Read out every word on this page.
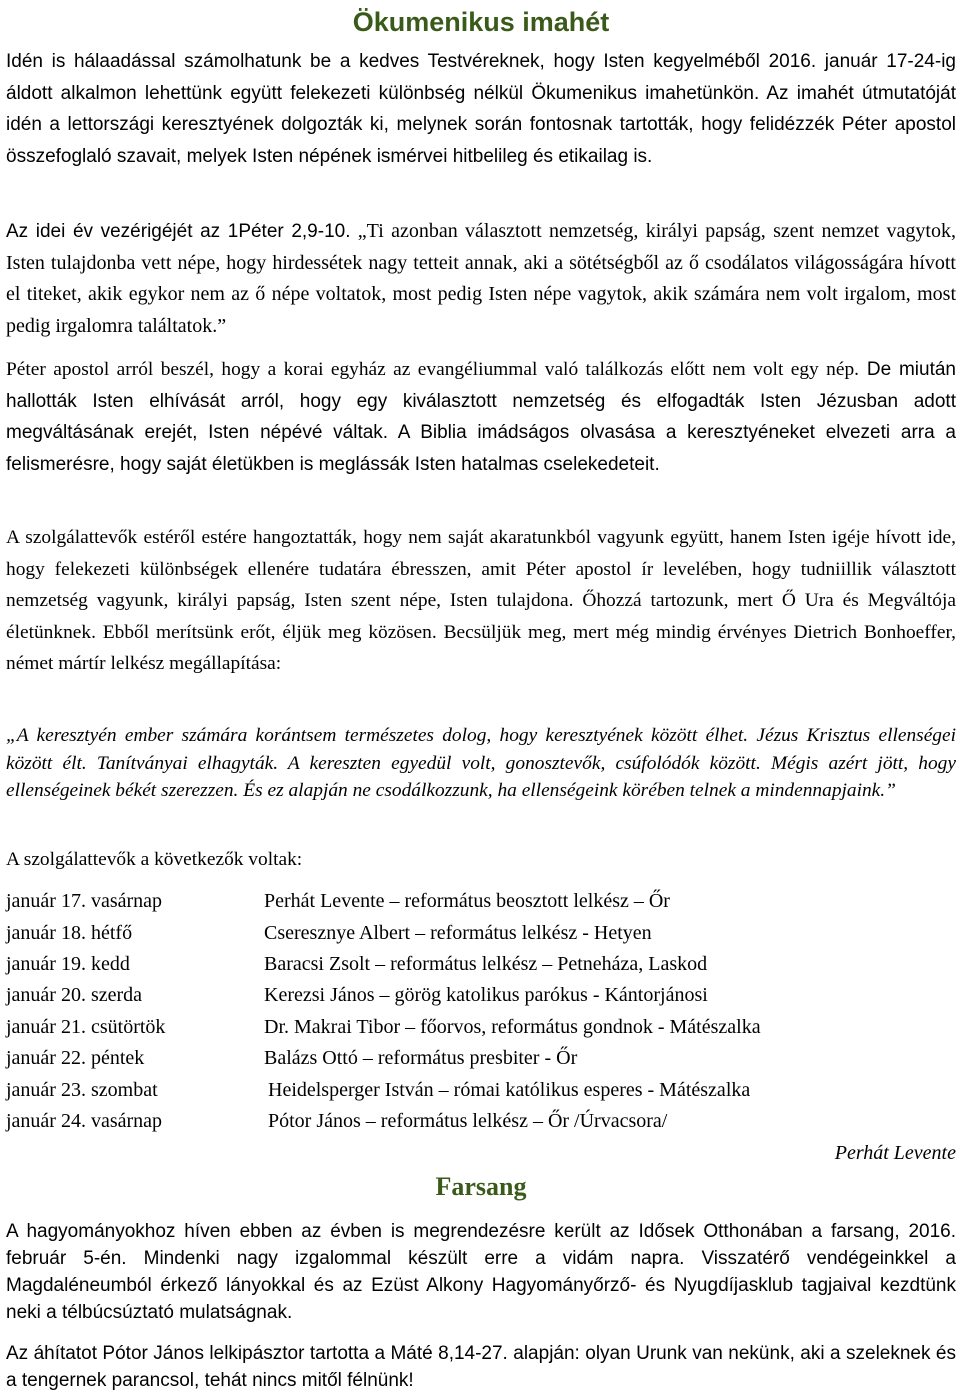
Ökumenikus imahét

Idén is hálaadással számolhatunk be a kedves Testvéreknek, hogy Isten kegyelméből 2016. január 17-24-ig áldott alkalmon lehettünk együtt felekezeti különbség nélkül Ökumenikus imahetünkön. Az imahét útmutatóját idén a lettországi keresztyének dolgozták ki, melynek során fontosnak tartották, hogy felidézzék Péter apostol összefoglaló szavait, melyek Isten népének ismérvei hitbelileg és etikailag is.

Az idei év vezérigéjét az 1Péter 2,9-10. „Ti azonban választott nemzetség, királyi papság, szent nemzet vagytok, Isten tulajdonba vett népe, hogy hirdessétek nagy tetteit annak, aki a sötétségből az ő csodálatos világosságára hívott el titeket, akik egykor nem az ő népe voltatok, most pedig Isten népe vagytok, akik számára nem volt irgalom, most pedig irgalomra találtatok.”

Péter apostol arról beszél, hogy a korai egyház az evangéliummal való találkozás előtt nem volt egy nép. De miután hallották Isten elhívását arról, hogy egy kiválasztott nemzetség és elfogadták Isten Jézusban adott megváltásának erejét, Isten népévé váltak. A Biblia imádságos olvasása a keresztyéneket elvezeti arra a felismerésre, hogy saját életükben is meglássák Isten hatalmas cselekedeteit.

A szolgálattevők estéről estére hangoztatták, hogy nem saját akaratunkból vagyunk együtt, hanem Isten igéje hívott ide, hogy felekezeti különbségek ellenére tudatára ébresszen, amit Péter apostol ír levelében, hogy tudniillik választott nemzetség vagyunk, királyi papság, Isten szent népe, Isten tulajdona. Őhozzá tartozunk, mert Ő Ura és Megváltója életünknek. Ebből merítsünk erőt, éljük meg közösen. Becsüljük meg, mert még mindig érvényes Dietrich Bonhoeffer, német mártír lelkész megállapítása:

„A keresztyén ember számára korántsem természetes dolog, hogy keresztyének között élhet. Jézus Krisztus ellenségei között élt. Tanítványai elhagyták. A kereszten egyedül volt, gonosztevők, csúfolódók között. Mégis azért jött, hogy ellenségeinek békét szerezzen. És ez alapján ne csodálkozzunk, ha ellenségeink körében telnek a mindennapjaink.”

A szolgálattevők a következők voltak:

január 17. vasárnap	Perhát Levente – református beosztott lelkész – Őr
január 18. hétfő	Cseresznye Albert – református lelkész - Hetyen
január 19. kedd	Baracsi Zsolt – református lelkész – Petneháza, Laskod
január 20. szerda	Kerezsi János – görög katolikus parókus - Kántorjánosi
január 21. csütörtök	Dr. Makrai Tibor – főorvos, református gondnok - Mátészalka
január 22. péntek	Balázs Ottó – református presbiter - Őr
január 23. szombat	Heidelsperger István – római katólikus esperes - Mátészalka
január 24. vasárnap	Pótor János – református lelkész – Őr /Úrvacsora/
Perhát Levente
Farsang

A hagyományokhoz híven ebben az évben is megrendezésre került az Idősek Otthonában a farsang, 2016. február 5-én. Mindenki nagy izgalommal készült erre a vidám napra. Visszatérő vendégeinkkel a Magdaléneumból érkező lányokkal és az Ezüst Alkony Hagyományőrző- és Nyugdíjasklub tagjaival kezdtünk neki a télbúcsúztató mulatságnak.

Az áhítatot Pótor János lelkipásztor tartotta a Máté 8,14-27. alapján: olyan Urunk van nekünk, aki a szeleknek és a tengernek parancsol, tehát nincs mitől félnünk!
